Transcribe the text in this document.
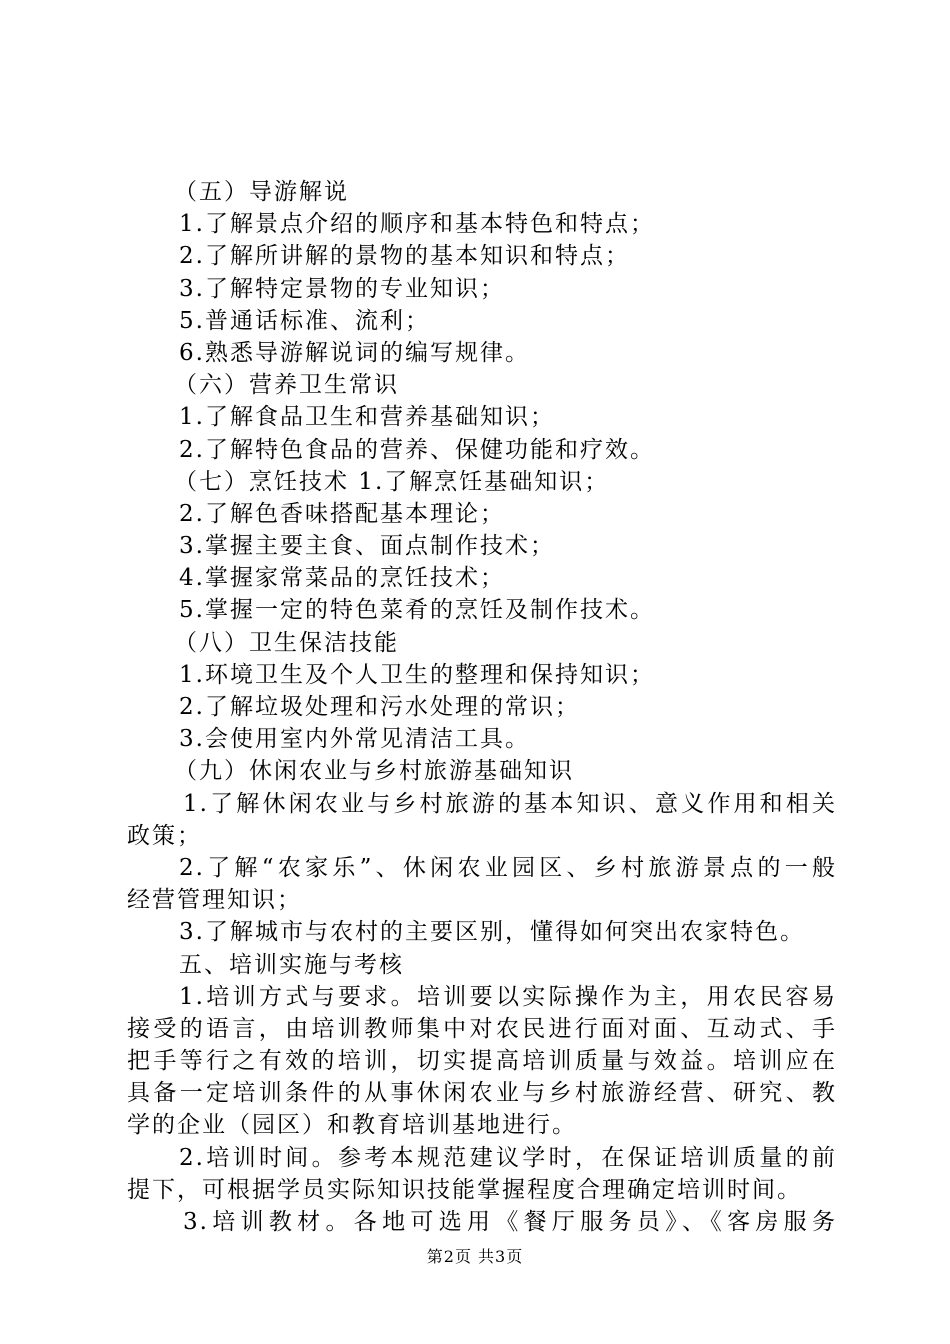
（五）导游解说
1.了解景点介绍的顺序和基本特色和特点；
2.了解所讲解的景物的基本知识和特点；
3.了解特定景物的专业知识；
5.普通话标准、流利；
6.熟悉导游解说词的编写规律。
（六）营养卫生常识
1.了解食品卫生和营养基础知识；
2.了解特色食品的营养、保健功能和疗效。
（七）烹饪技术 1.了解烹饪基础知识；
2.了解色香味搭配基本理论；
3.掌握主要主食、面点制作技术；
4.掌握家常菜品的烹饪技术；
5.掌握一定的特色菜肴的烹饪及制作技术。
（八）卫生保洁技能
1.环境卫生及个人卫生的整理和保持知识；
2.了解垃圾处理和污水处理的常识；
3.会使用室内外常见清洁工具。
（九）休闲农业与乡村旅游基础知识
1.了解休闲农业与乡村旅游的基本知识、意义作用和相关
政策；
2.了解“农家乐”、休闲农业园区、乡村旅游景点的一般
经营管理知识；
3.了解城市与农村的主要区别，懂得如何突出农家特色。
五、培训实施与考核
1.培训方式与要求。培训要以实际操作为主，用农民容易
接受的语言，由培训教师集中对农民进行面对面、互动式、手
把手等行之有效的培训，切实提高培训质量与效益。培训应在
具备一定培训条件的从事休闲农业与乡村旅游经营、研究、教
学的企业（园区）和教育培训基地进行。
2.培训时间。参考本规范建议学时，在保证培训质量的前
提下，可根据学员实际知识技能掌握程度合理确定培训时间。
3.培训教材。各地可选用《餐厅服务员》、《客房服务
第2页 共3页
